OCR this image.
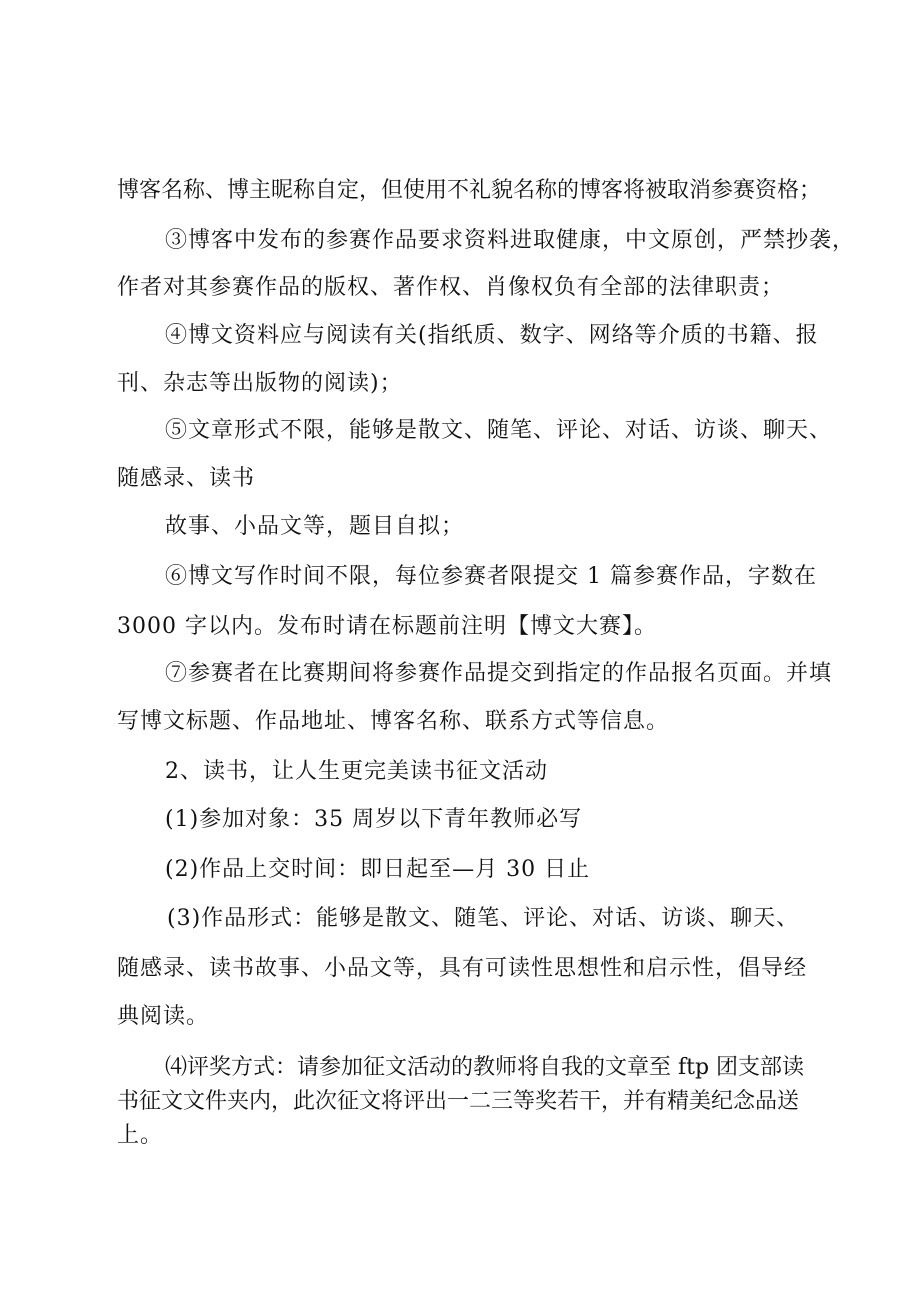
博客名称、博主昵称自定，但使用不礼貌名称的博客将被取消参赛资格；
③博客中发布的参赛作品要求资料进取健康，中文原创，严禁抄袭，
作者对其参赛作品的版权、著作权、肖像权负有全部的法律职责；
④博文资料应与阅读有关(指纸质、数字、网络等介质的书籍、报
刊、杂志等出版物的阅读)；
⑤文章形式不限，能够是散文、随笔、评论、对话、访谈、聊天、
随感录、读书
故事、小品文等，题目自拟；
⑥博文写作时间不限，每位参赛者限提交 1 篇参赛作品，字数在
3000 字以内。发布时请在标题前注明【博文大赛】。
⑦参赛者在比赛期间将参赛作品提交到指定的作品报名页面。并填
写博文标题、作品地址、博客名称、联系方式等信息。
2、读书，让人生更完美读书征文活动
(1)参加对象：35 周岁以下青年教师必写
(2)作品上交时间：即日起至—月 30 日止
(3)作品形式：能够是散文、随笔、评论、对话、访谈、聊天、
随感录、读书故事、小品文等，具有可读性思想性和启示性，倡导经
典阅读。
⑷评奖方式：请参加征文活动的教师将自我的文章至 ftp 团支部读
书征文文件夹内，此次征文将评出一二三等奖若干，并有精美纪念品送
上。
